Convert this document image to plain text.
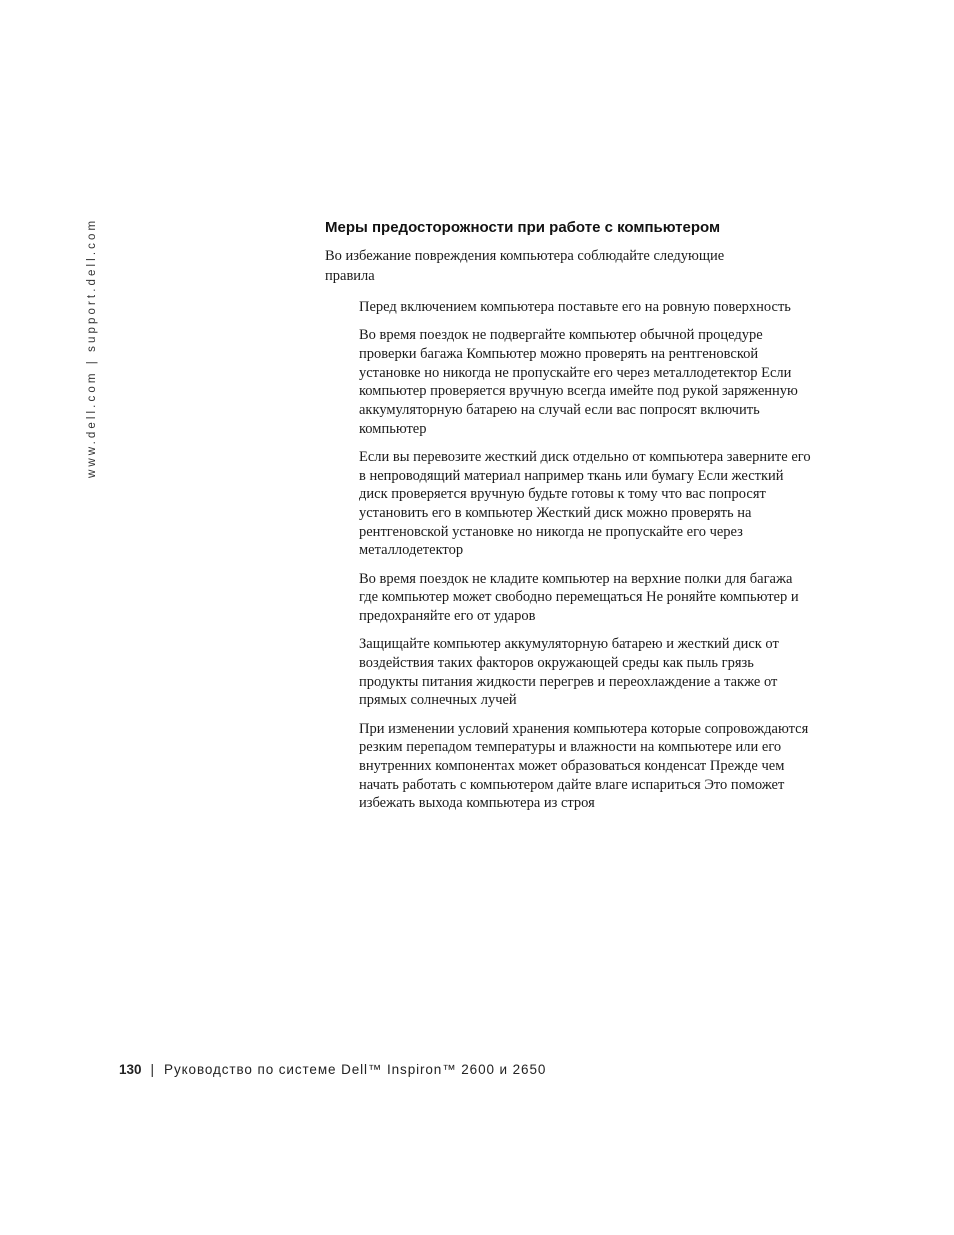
www.dell.com | support.dell.com	Меры предосторожности при работе с компьютером

Во избежание повреждения компьютера соблюдайте следующие правила

Перед включением компьютера поставьте его на ровную поверхность
Во время поездок не подвергайте компьютер обычной процедуре проверки багажа Компьютер можно проверять на рентгеновской установке но никогда не пропускайте его через металлодетектор Если компьютер проверяется вручную всегда имейте под рукой заряженную аккумуляторную батарею на случай если вас попросят включить компьютер
Если вы перевозите жесткий диск отдельно от компьютера заверните его в непроводящий материал например ткань или бумагу Если жесткий диск проверяется вручную будьте готовы к тому что вас попросят установить его в компьютер Жесткий диск можно проверять на рентгеновской установке но никогда не пропускайте его через металлодетектор
Во время поездок не кладите компьютер на верхние полки для багажа где компьютер может свободно перемещаться Не роняйте компьютер и предохраняйте его от ударов
Защищайте компьютер аккумуляторную батарею и жесткий диск от воздействия таких факторов окружающей среды как пыль грязь продукты питания жидкости перегрев и переохлаждение а также от прямых солнечных лучей
При изменении условий хранения компьютера которые сопровождаются резким перепадом температуры и влажности на компьютере или его внутренних компонентах может образоваться конденсат Прежде чем начать работать с компьютером дайте влаге испариться Это поможет избежать выхода компьютера из строя
130 | Руководство по системе Dell™ Inspiron™ 2600 и 2650
